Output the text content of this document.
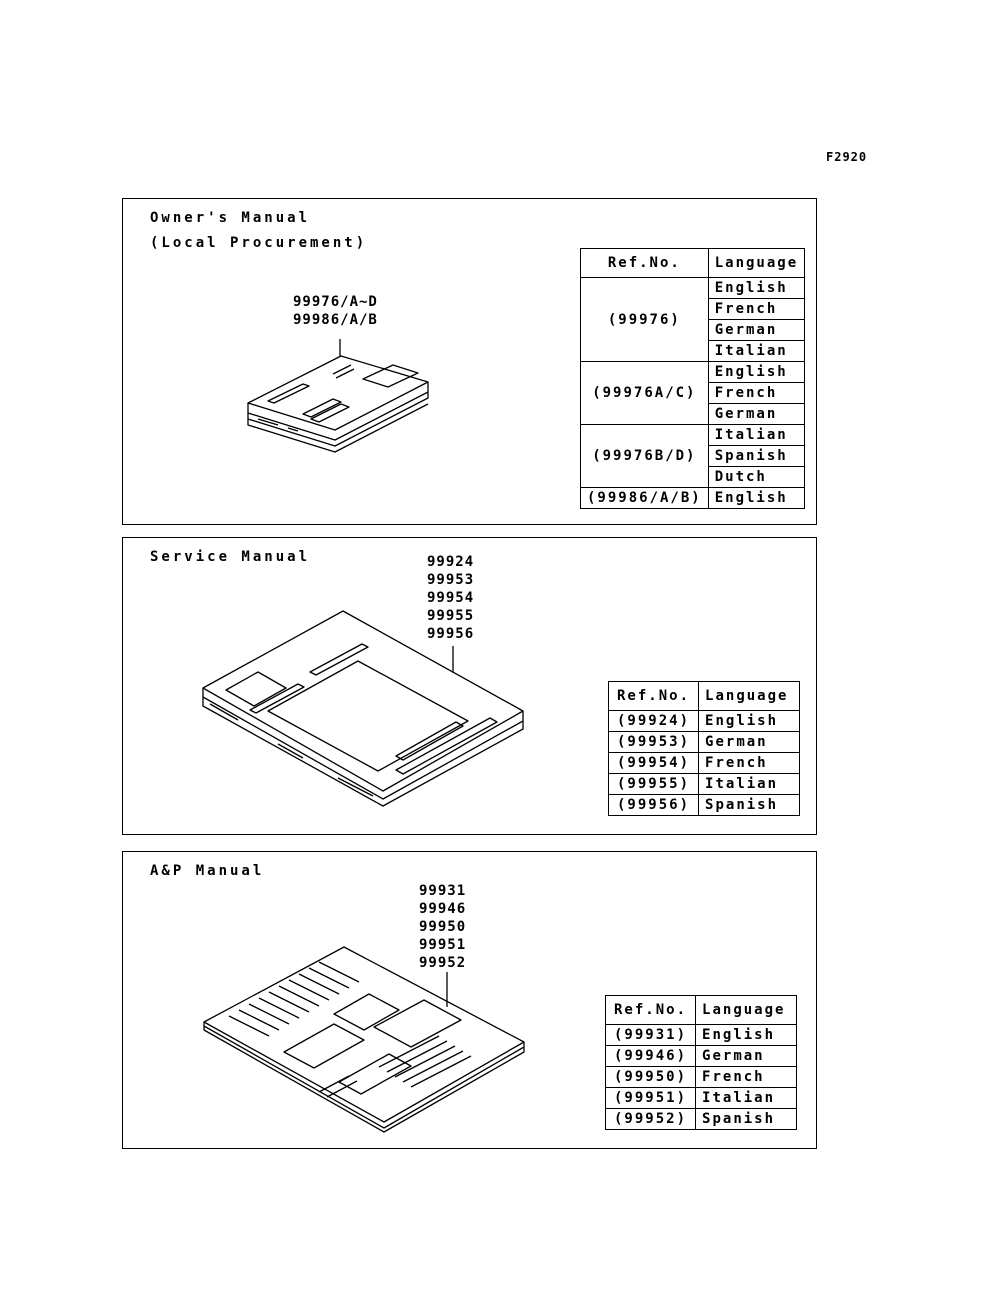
F2920
Owner's Manual
(Local Procurement)
99976/A~D
99986/A/B
Ref.No.	Language
(99976)	English
	French
	German
	Italian
(99976A/C)	English
	French
	German
(99976B/D)	Italian
	Spanish
	Dutch
(99986/A/B)	English
Service Manual	99924
99953
99954
99955
99956
Ref.No.	Language
(99924)	English
(99953)	German
(99954)	French
(99955)	Italian
(99956)	Spanish
A&P Manual
99931
99946
99950
99951
99952
Ref.No.	Language
(99931)	English
(99946)	German
(99950)	French
(99951)	Italian
(99952)	Spanish
